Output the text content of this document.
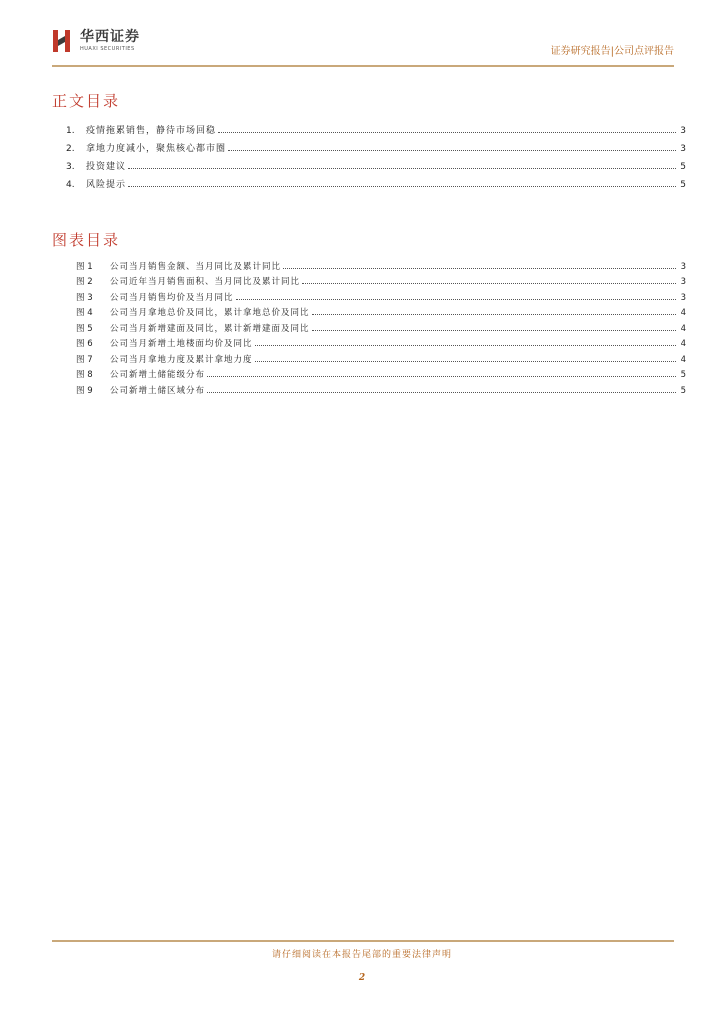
华西证券
HUAXI SECURITIES	证券研究报告|公司点评报告
正文目录
1.	疫情拖累销售，静待市场回稳	3
2.	拿地力度减小，聚焦核心都市圈	3
3.	投资建议	5
4.	风险提示	5
图表目录
图 1	公司当月销售金额、当月同比及累计同比	3
图 2	公司近年当月销售面积、当月同比及累计同比	3
图 3	公司当月销售均价及当月同比	3
图 4	公司当月拿地总价及同比，累计拿地总价及同比	4
图 5	公司当月新增建面及同比，累计新增建面及同比	4
图 6	公司当月新增土地楼面均价及同比	4
图 7	公司当月拿地力度及累计拿地力度	4
图 8	公司新增土储能级分布	5
图 9	公司新增土储区域分布	5
请仔细阅读在本报告尾部的重要法律声明
2
